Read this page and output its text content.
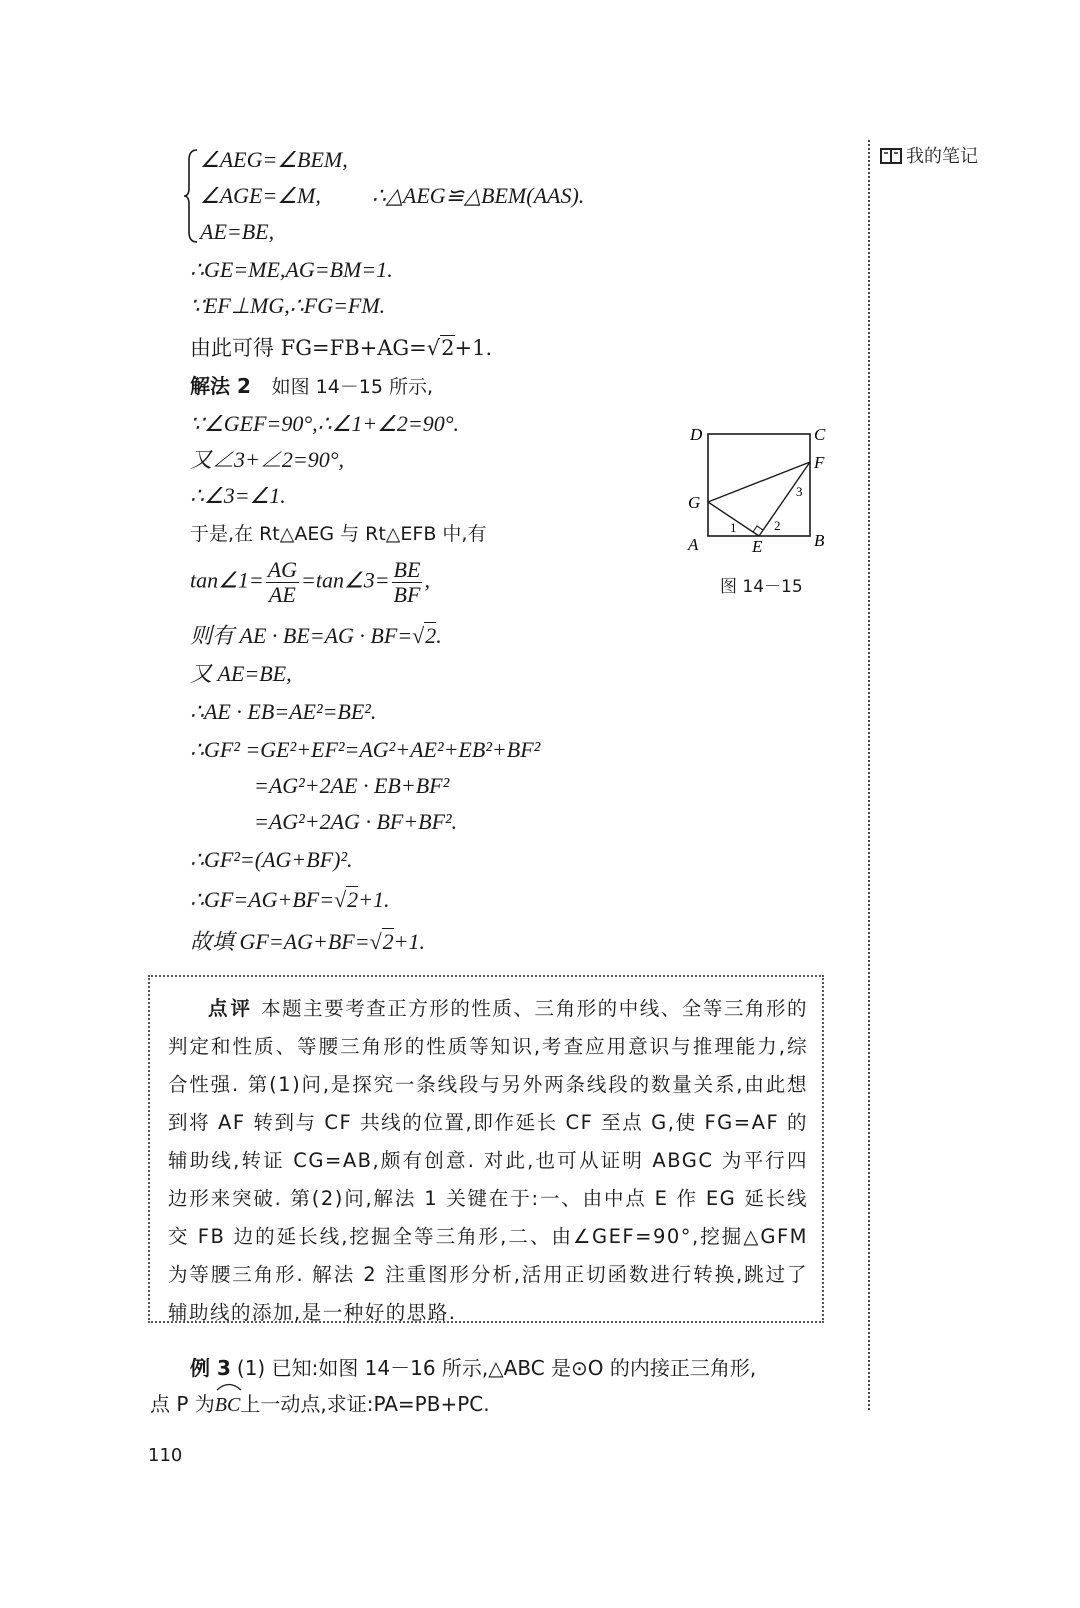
我的笔记
∠AEG=∠BEM,
∠AGE=∠M, ∴△AEG≌△BEM(AAS).
AE=BE,
∴GE=ME,AG=BM=1.
∵EF⊥MG,∴FG=FM.
由此可得 FG=FB+AG=√2+1.
解法 2 如图 14－15 所示,
∵∠GEF=90°,∴∠1+∠2=90°.
又∠3+∠2=90°,
∴∠3=∠1.
于是,在 Rt△AEG 与 Rt△EFB 中,有
tan∠1= $\frac{AG}{AE}$ =tan∠3= $\frac{BE}{BF}$ ,
则有 AE · BE=AG · BF=√2.
又 AE=BE,
∴AE · EB=AE²=BE².
∴GF² =GE²+EF²=AG²+AE²+EB²+BF²
=AG²+2AE · EB+BF²
=AG²+2AG · BF+BF².
∴GF²=(AG+BF)².
∴GF=AG+BF=√2+1.
故填 GF=AG+BF=√2+1.
D	C
F
G
A	E	B
1	2
3
图 14－15
点评 本题主要考查正方形的性质、三角形的中线、全等三角形的判定和性质、等腰三角形的性质等知识,考查应用意识与推理能力,综合性强. 第(1)问,是探究一条线段与另外两条线段的数量关系,由此想到将 AF 转到与 CF 共线的位置,即作延长 CF 至点 G,使 FG=AF 的辅助线,转证 CG=AB,颇有创意. 对此,也可从证明 ABGC 为平行四边形来突破. 第(2)问,解法 1 关键在于:一、由中点 E 作 EG 延长线交 FB 边的延长线,挖掘全等三角形,二、由∠GEF=90°,挖掘△GFM 为等腰三角形. 解法 2 注重图形分析,活用正切函数进行转换,跳过了辅助线的添加,是一种好的思路.
例 3 (1) 已知:如图 14－16 所示,△ABC 是⊙O 的内接正三角形,
点 P 为
BC上一动点,求证:PA=PB+PC.
110
